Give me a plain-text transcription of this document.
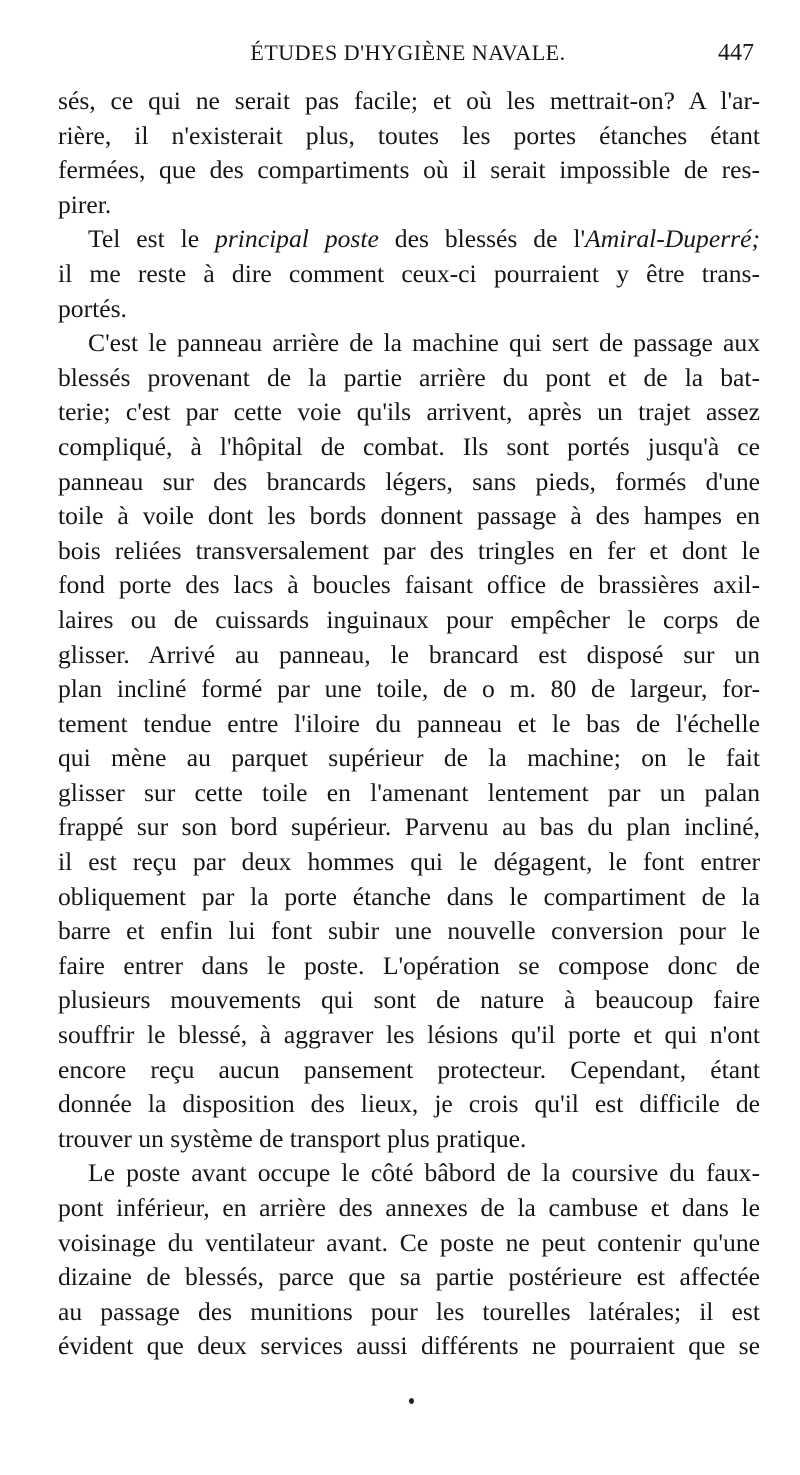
ÉTUDES D'HYGIÈNE NAVALE.	447
sés, ce qui ne serait pas facile; et où les mettrait-on? A l'ar-
rière, il n'existerait plus, toutes les portes étanches étant
fermées, que des compartiments où il serait impossible de res-
pirer.
Tel est le principal poste des blessés de l'Amiral-Duperré;
il me reste à dire comment ceux-ci pourraient y être trans-
portés.
C'est le panneau arrière de la machine qui sert de passage aux
blessés provenant de la partie arrière du pont et de la bat-
terie; c'est par cette voie qu'ils arrivent, après un trajet assez
compliqué, à l'hôpital de combat. Ils sont portés jusqu'à ce
panneau sur des brancards légers, sans pieds, formés d'une
toile à voile dont les bords donnent passage à des hampes en
bois reliées transversalement par des tringles en fer et dont le
fond porte des lacs à boucles faisant office de brassières axil-
laires ou de cuissards inguinaux pour empêcher le corps de
glisser. Arrivé au panneau, le brancard est disposé sur un
plan incliné formé par une toile, de o m. 80 de largeur, for-
tement tendue entre l'iloire du panneau et le bas de l'échelle
qui mène au parquet supérieur de la machine; on le fait
glisser sur cette toile en l'amenant lentement par un palan
frappé sur son bord supérieur. Parvenu au bas du plan incliné,
il est reçu par deux hommes qui le dégagent, le font entrer
obliquement par la porte étanche dans le compartiment de la
barre et enfin lui font subir une nouvelle conversion pour le
faire entrer dans le poste. L'opération se compose donc de
plusieurs mouvements qui sont de nature à beaucoup faire
souffrir le blessé, à aggraver les lésions qu'il porte et qui n'ont
encore reçu aucun pansement protecteur. Cependant, étant
donnée la disposition des lieux, je crois qu'il est difficile de
trouver un système de transport plus pratique.
Le poste avant occupe le côté bâbord de la coursive du faux-
pont inférieur, en arrière des annexes de la cambuse et dans le
voisinage du ventilateur avant. Ce poste ne peut contenir qu'une
dizaine de blessés, parce que sa partie postérieure est affectée
au passage des munitions pour les tourelles latérales; il est
évident que deux services aussi différents ne pourraient que se
